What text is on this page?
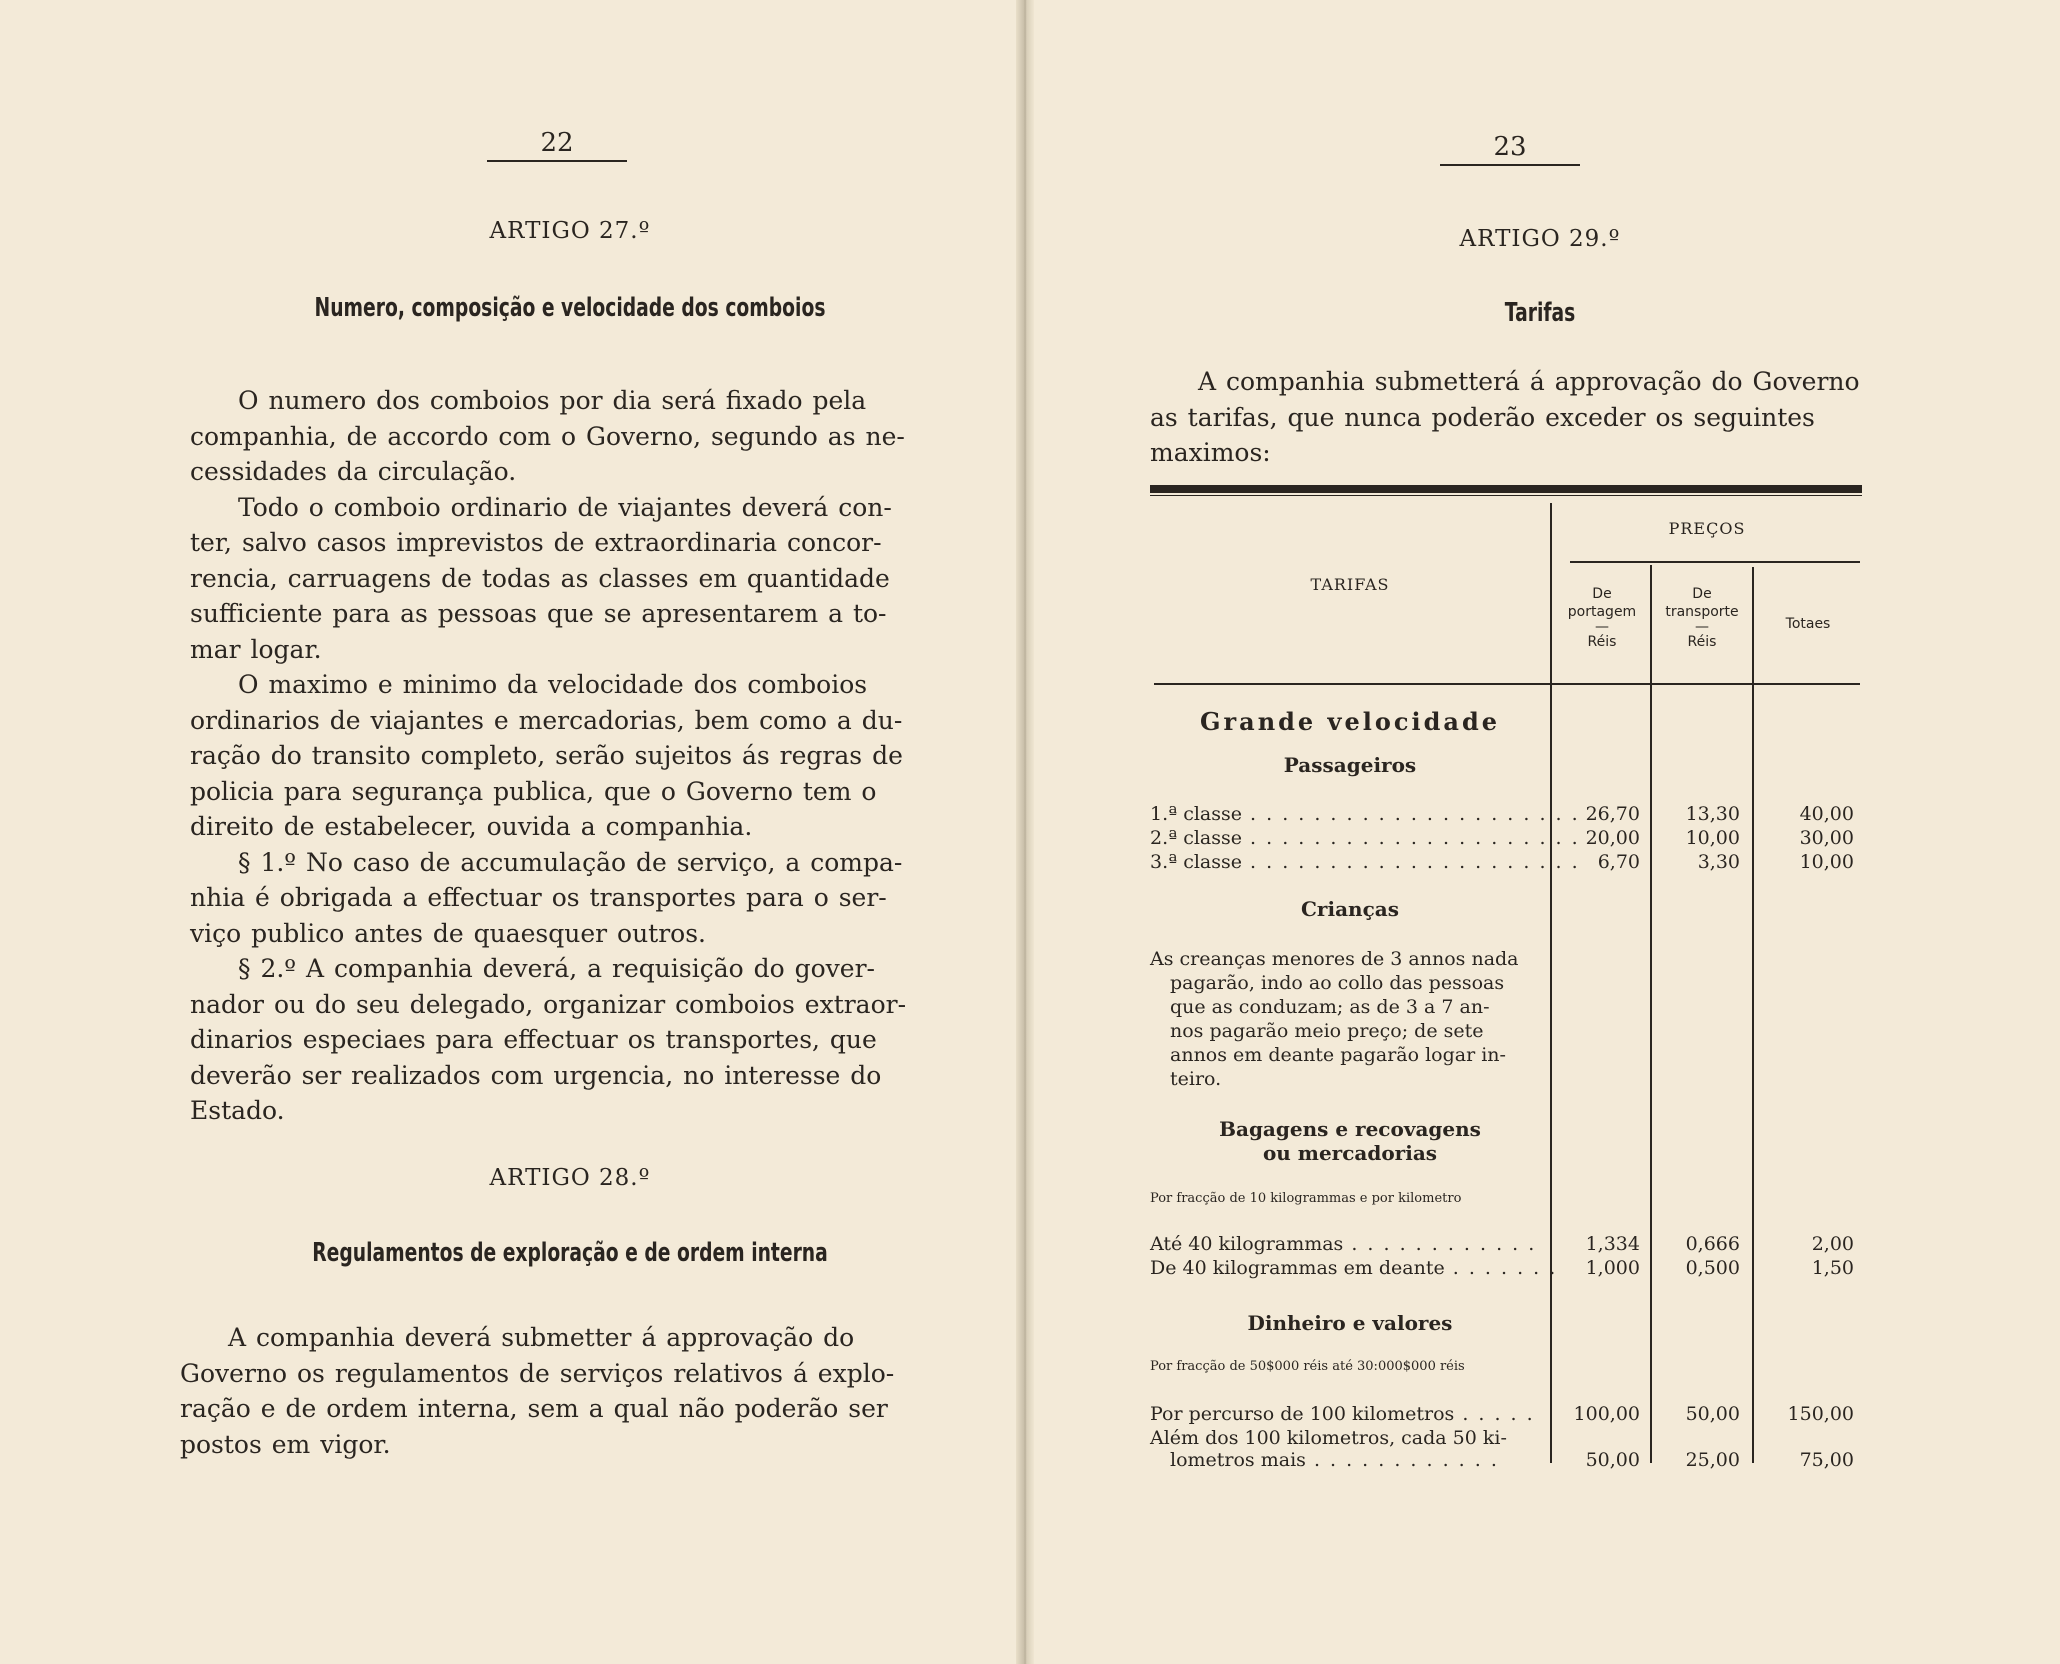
22
ARTIGO 27.º
Numero, composição e velocidade dos comboios
O numero dos comboios por dia será fixado pela
companhia, de accordo com o Governo, segundo as ne-
cessidades da circulação.
Todo o comboio ordinario de viajantes deverá con-
ter, salvo casos imprevistos de extraordinaria concor-
rencia, carruagens de todas as classes em quantidade
sufficiente para as pessoas que se apresentarem a to-
mar logar.
O maximo e minimo da velocidade dos comboios
ordinarios de viajantes e mercadorias, bem como a du-
ração do transito completo, serão sujeitos ás regras de
policia para segurança publica, que o Governo tem o
direito de estabelecer, ouvida a companhia.
§ 1.º No caso de accumulação de serviço, a compa-
nhia é obrigada a effectuar os transportes para o ser-
viço publico antes de quaesquer outros.
§ 2.º A companhia deverá, a requisição do gover-
nador ou do seu delegado, organizar comboios extraor-
dinarios especiaes para effectuar os transportes, que
deverão ser realizados com urgencia, no interesse do
Estado.
ARTIGO 28.º
Regulamentos de exploração e de ordem interna
A companhia deverá submetter á approvação do
Governo os regulamentos de serviços relativos á explo-
ração e de ordem interna, sem a qual não poderão ser
postos em vigor.
23
ARTIGO 29.º
Tarifas
A companhia submetterá á approvação do Governo
as tarifas, que nunca poderão exceder os seguintes
maximos:
TARIFAS
PREÇOS
De
portagem
—
Réis
De
transporte
—
Réis
Totaes
Grande velocidade
Passageiros
1.ª classe . . . . . . . . . . . . . . . . . . . . . 26,70	13,30	40,00
2.ª classe . . . . . . . . . . . . . . . . . . . . . 20,00	10,00	30,00
3.ª classe . . . . . . . . . . . . . . . . . . . . . 6,70	3,30	10,00
Crianças
As creanças menores de 3 annos nada
pagarão, indo ao collo das pessoas
que as conduzam; as de 3 a 7 an-
nos pagarão meio preço; de sete
annos em deante pagarão logar in-
teiro.
Bagagens e recovagens
ou mercadorias
Por fracção de 10 kilogrammas e por kilometro
Até 40 kilogrammas . . . . . . . . . . . .	1,334	0,666	2,00
De 40 kilogrammas em deante . . . . . . .	1,000	0,500	1,50
Dinheiro e valores
Por fracção de 50$000 réis até 30:000$000 réis
Por percurso de 100 kilometros . . . . .	100,00	50,00	150,00
Além dos 100 kilometros, cada 50 ki-
lometros mais . . . . . . . . . . . .	50,00	25,00	75,00
